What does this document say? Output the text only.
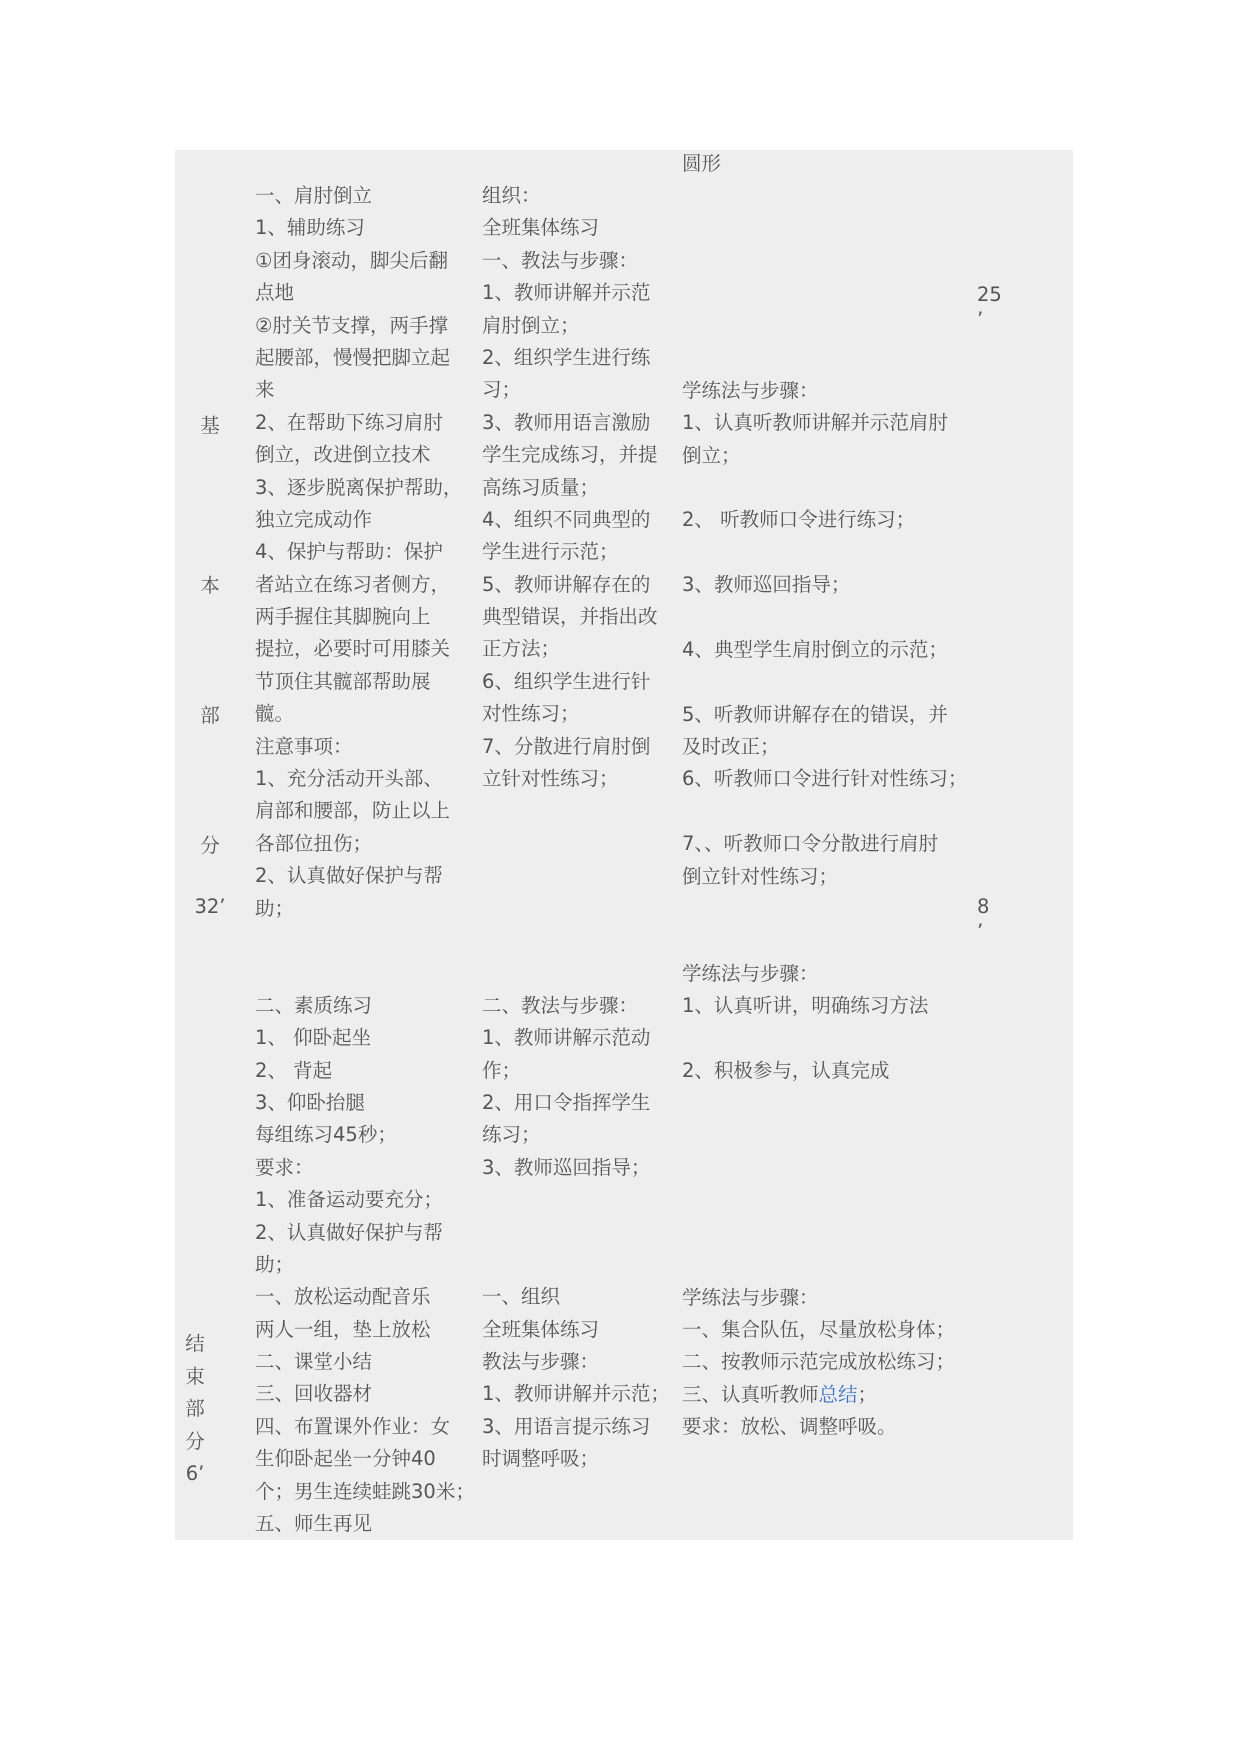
一、肩肘倒立
1、辅助练习
①团身滚动，脚尖后翻
点地
②肘关节支撑，两手撑
起腰部，慢慢把脚立起
来
2、在帮助下练习肩肘
倒立，改进倒立技术
3、逐步脱离保护帮助，
独立完成动作
4、保护与帮助：保护
者站立在练习者侧方，
两手握住其脚腕向上
提拉，必要时可用膝关
节顶住其髋部帮助展
髋。
注意事项：
1、充分活动开头部、
肩部和腰部，防止以上
各部位扭伤；
2、认真做好保护与帮
助；
二、素质练习
1、 仰卧起坐
2、 背起
3、仰卧抬腿
每组练习45秒；
要求：
1、准备运动要充分；
2、认真做好保护与帮
助；
一、放松运动配音乐
两人一组，垫上放松
二、课堂小结
三、回收器材
四、布置课外作业：女
生仰卧起坐一分钟40
个；男生连续蛙跳30米；
五、师生再见
组织：
全班集体练习
一、教法与步骤：
1、教师讲解并示范
肩肘倒立；
2、组织学生进行练
习；
3、教师用语言激励
学生完成练习，并提
高练习质量；
4、组织不同典型的
学生进行示范；
5、教师讲解存在的
典型错误，并指出改
正方法；
6、组织学生进行针
对性练习；
7、分散进行肩肘倒
立针对性练习；
二、教法与步骤：
1、教师讲解示范动
作；
2、用口令指挥学生
练习；
3、教师巡回指导；
一、组织
全班集体练习
教法与步骤：
1、教师讲解并示范；
3、用语言提示练习
时调整呼吸；
圆形
学练法与步骤：
1、认真听教师讲解并示范肩肘
倒立；
2、 听教师口令进行练习；
3、教师巡回指导；
4、典型学生肩肘倒立的示范；
5、听教师讲解存在的错误，并
及时改正；
6、听教师口令进行针对性练习；
7、、听教师口令分散进行肩肘
倒立针对性练习；
学练法与步骤：
1、认真听讲，明确练习方法
2、积极参与，认真完成
学练法与步骤：
一、集合队伍，尽量放松身体；
二、按教师示范完成放松练习；
三、认真听教师总结；
要求：放松、调整呼吸。
基
本
部
分
32’
结
束
部
分
6’
25
’
8
’
